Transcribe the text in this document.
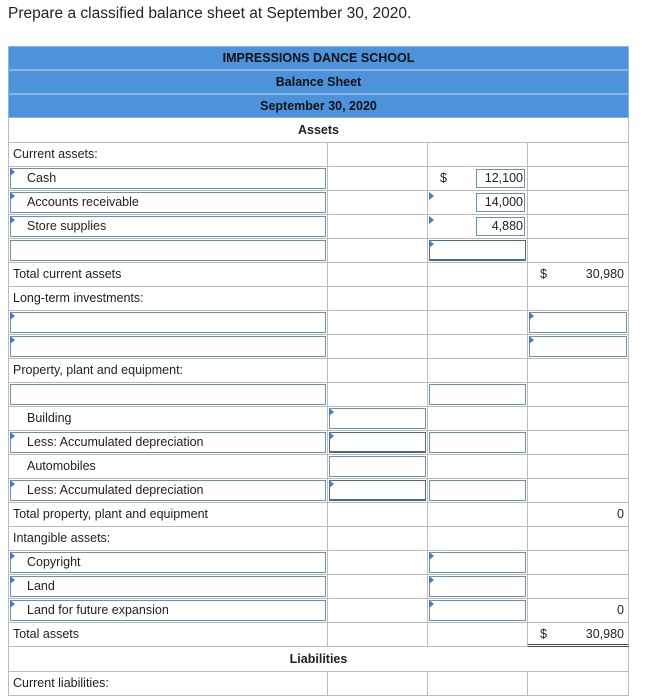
Prepare a classified balance sheet at September 30, 2020.
IMPRESSIONS DANCE SCHOOL
Balance Sheet
September 30, 2020
Assets
Current assets:
Cash	$	12,100
Accounts receivable	14,000
Store supplies	4,880
Total current assets	$	30,980
Long-term investments:
Property, plant and equipment:
Building
Less: Accumulated depreciation
Automobiles
Less: Accumulated depreciation
Total property, plant and equipment	0
Intangible assets:
Copyright
Land
Land for future expansion	0
Total assets	$	30,980
Liabilities
Current liabilities:
